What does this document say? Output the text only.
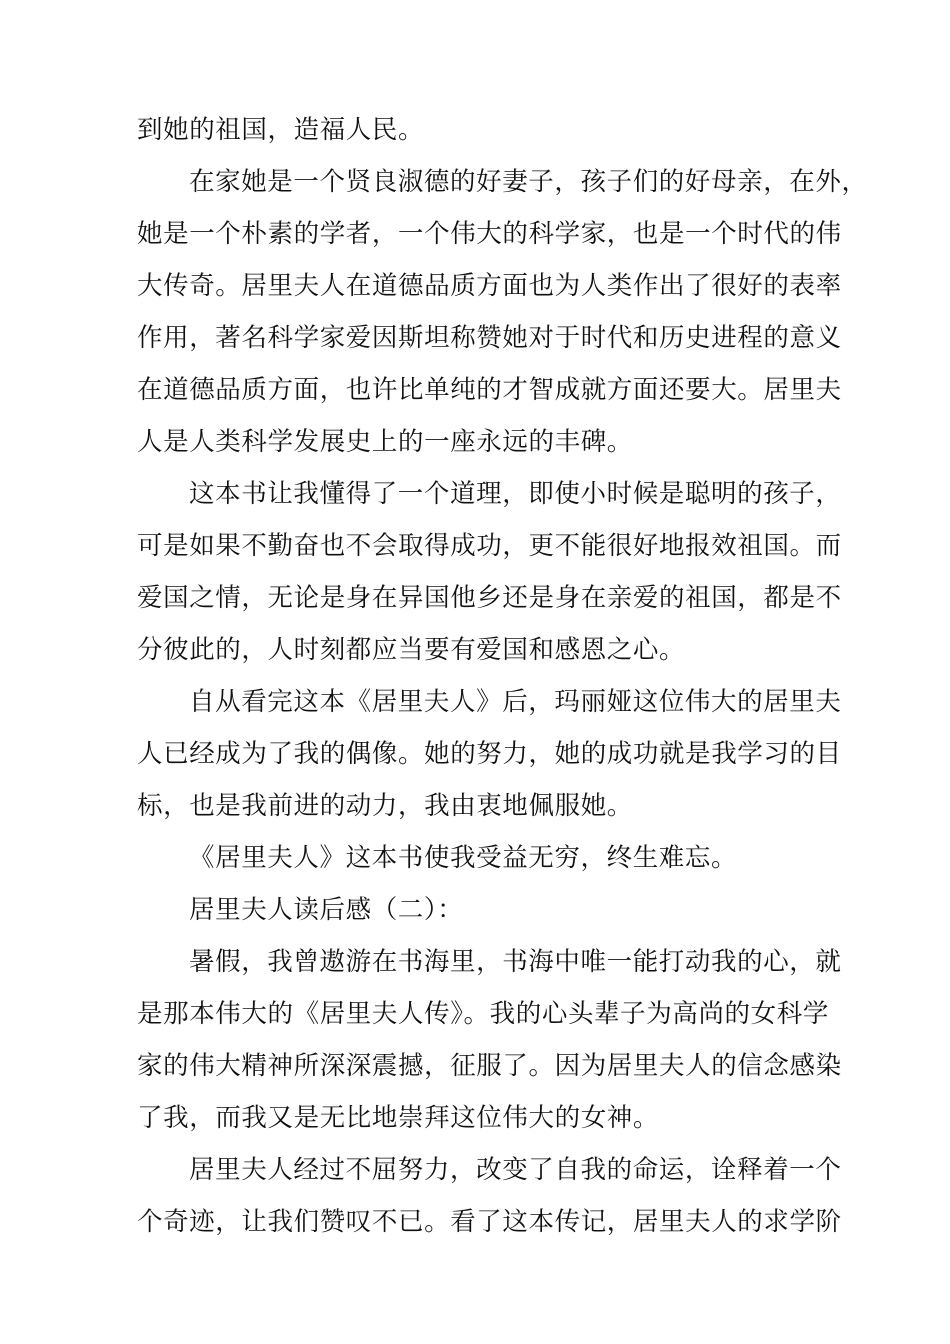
到她的祖国，造福人民。
在家她是一个贤良淑德的好妻子，孩子们的好母亲，在外，
她是一个朴素的学者，一个伟大的科学家，也是一个时代的伟
大传奇。居里夫人在道德品质方面也为人类作出了很好的表率
作用，著名科学家爱因斯坦称赞她对于时代和历史进程的意义
在道德品质方面，也许比单纯的才智成就方面还要大。居里夫
人是人类科学发展史上的一座永远的丰碑。
这本书让我懂得了一个道理，即使小时候是聪明的孩子，
可是如果不勤奋也不会取得成功，更不能很好地报效祖国。而
爱国之情，无论是身在异国他乡还是身在亲爱的祖国，都是不
分彼此的，人时刻都应当要有爱国和感恩之心。
自从看完这本《居里夫人》后，玛丽娅这位伟大的居里夫
人已经成为了我的偶像。她的努力，她的成功就是我学习的目
标，也是我前进的动力，我由衷地佩服她。
《居里夫人》这本书使我受益无穷，终生难忘。
居里夫人读后感（二）：
暑假，我曾遨游在书海里，书海中唯一能打动我的心，就
是那本伟大的《居里夫人传》。我的心头辈子为高尚的女科学
家的伟大精神所深深震撼，征服了。因为居里夫人的信念感染
了我，而我又是无比地崇拜这位伟大的女神。
居里夫人经过不屈努力，改变了自我的命运，诠释着一个
个奇迹，让我们赞叹不已。看了这本传记，居里夫人的求学阶
